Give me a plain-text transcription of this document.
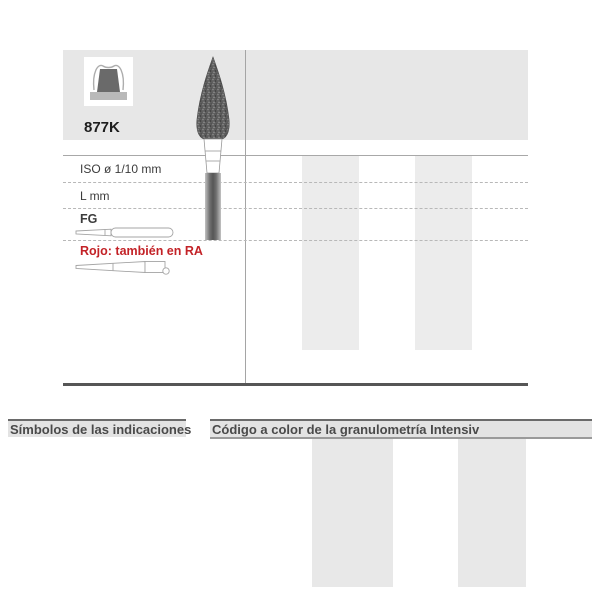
877K
ISO ø 1/10 mm
L mm
FG
Rojo: también en RA
Símbolos de las indicaciones Código a color de la granulometría Intensiv
